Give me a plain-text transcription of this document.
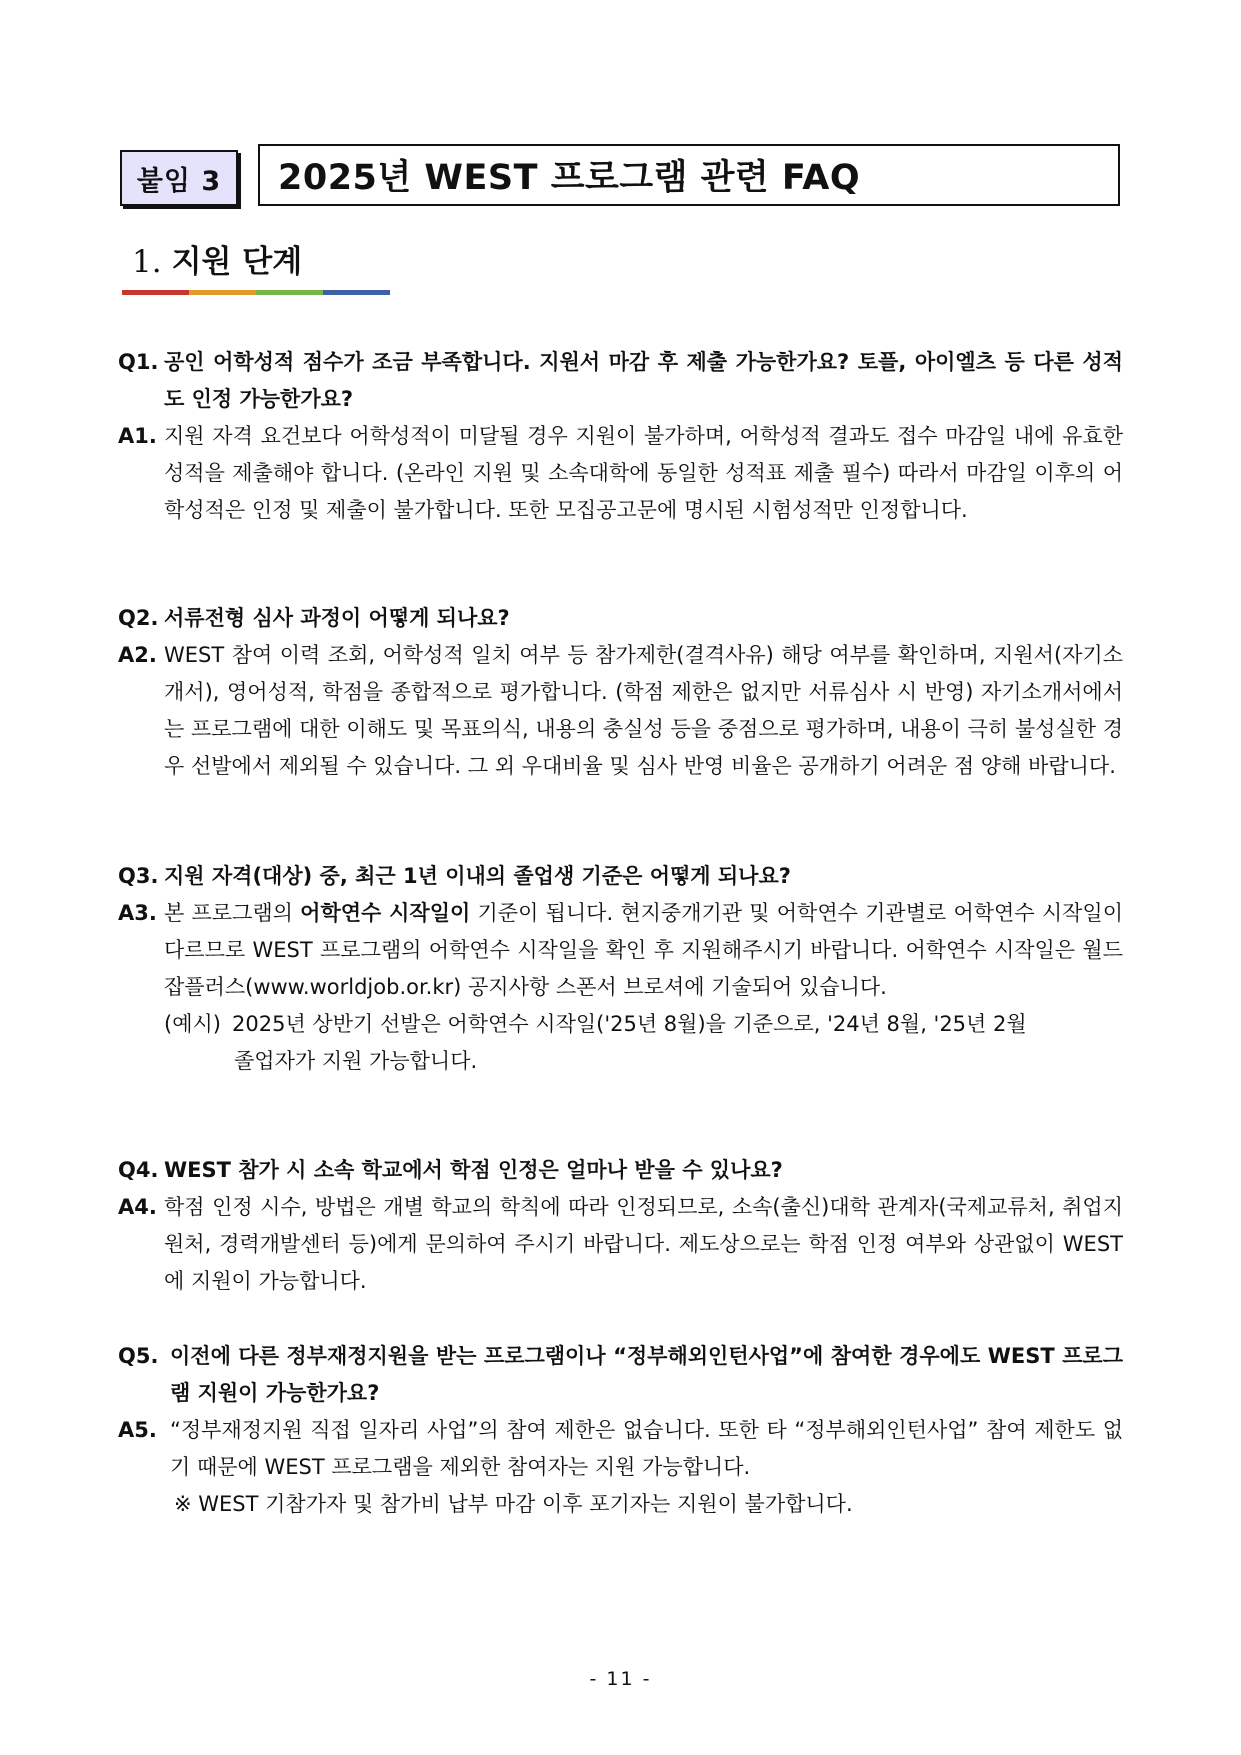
붙임 3	2025년 WEST 프로그램 관련 FAQ
1. 지원 단계
Q1. 공인 어학성적 점수가 조금 부족합니다. 지원서 마감 후 제출 가능한가요? 토플, 아이엘츠 등 다른 성적도 인정 가능한가요?
A1. 지원 자격 요건보다 어학성적이 미달될 경우 지원이 불가하며, 어학성적 결과도 접수 마감일 내에 유효한 성적을 제출해야 합니다. (온라인 지원 및 소속대학에 동일한 성적표 제출 필수) 따라서 마감일 이후의 어학성적은 인정 및 제출이 불가합니다. 또한 모집공고문에 명시된 시험성적만 인정합니다.
Q2. 서류전형 심사 과정이 어떻게 되나요?
A2. WEST 참여 이력 조회, 어학성적 일치 여부 등 참가제한(결격사유) 해당 여부를 확인하며, 지원서(자기소개서), 영어성적, 학점을 종합적으로 평가합니다. (학점 제한은 없지만 서류심사 시 반영) 자기소개서에서는 프로그램에 대한 이해도 및 목표의식, 내용의 충실성 등을 중점으로 평가하며, 내용이 극히 불성실한 경우 선발에서 제외될 수 있습니다. 그 외 우대비율 및 심사 반영 비율은 공개하기 어려운 점 양해 바랍니다.
Q3. 지원 자격(대상) 중, 최근 1년 이내의 졸업생 기준은 어떻게 되나요?
A3. 본 프로그램의 어학연수 시작일이 기준이 됩니다. 현지중개기관 및 어학연수 기관별로 어학연수 시작일이 다르므로 WEST 프로그램의 어학연수 시작일을 확인 후 지원해주시기 바랍니다. 어학연수 시작일은 월드잡플러스(www.worldjob.or.kr) 공지사항 스폰서 브로셔에 기술되어 있습니다.
(예시) 2025년 상반기 선발은 어학연수 시작일('25년 8월)을 기준으로, '24년 8월, '25년 2월
졸업자가 지원 가능합니다.
Q4. WEST 참가 시 소속 학교에서 학점 인정은 얼마나 받을 수 있나요?
A4. 학점 인정 시수, 방법은 개별 학교의 학칙에 따라 인정되므로, 소속(출신)대학 관계자(국제교류처, 취업지원처, 경력개발센터 등)에게 문의하여 주시기 바랍니다. 제도상으로는 학점 인정 여부와 상관없이 WEST에 지원이 가능합니다.
Q5. 이전에 다른 정부재정지원을 받는 프로그램이나 “정부해외인턴사업”에 참여한 경우에도 WEST 프로그램 지원이 가능한가요?
A5. “정부재정지원 직접 일자리 사업”의 참여 제한은 없습니다. 또한 타 “정부해외인턴사업” 참여 제한도 없기 때문에 WEST 프로그램을 제외한 참여자는 지원 가능합니다.
※ WEST 기참가자 및 참가비 납부 마감 이후 포기자는 지원이 불가합니다.
- 11 -
